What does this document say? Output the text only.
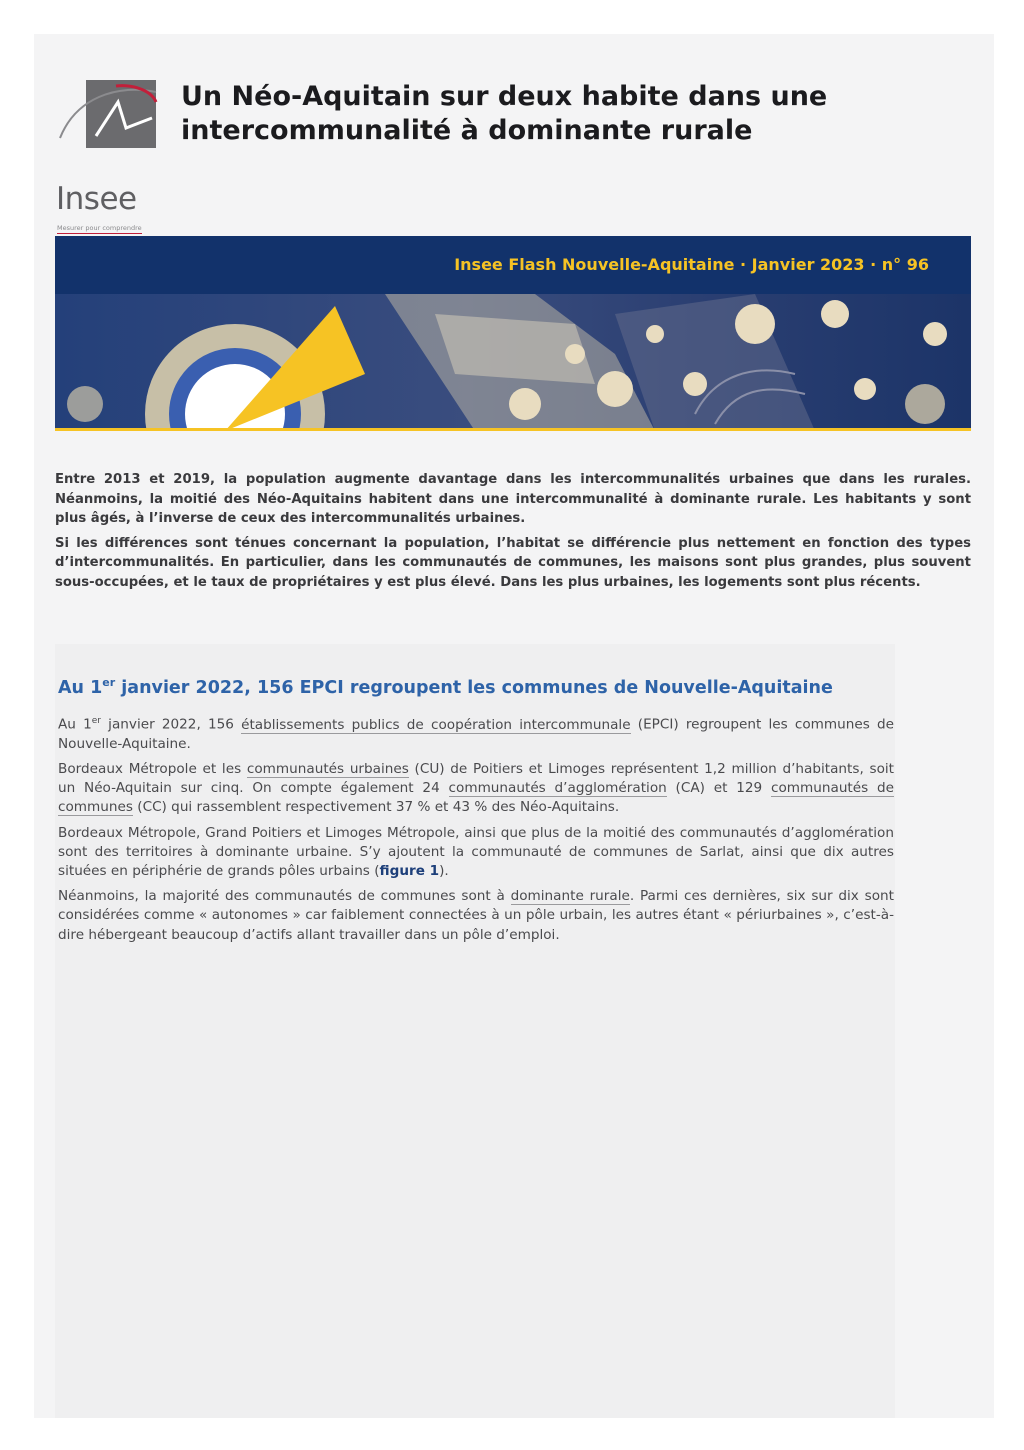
Insee
Mesurer pour comprendre
Un Néo-Aquitain sur deux habite dans une
intercommunalité à dominante rurale
Insee Flash Nouvelle-Aquitaine · Janvier 2023 · n° 96

Entre 2013 et 2019, la population augmente davantage dans les intercommunalités urbaines que dans les rurales. Néanmoins, la moitié des Néo-Aquitains habitent dans une intercommunalité à dominante rurale. Les habitants y sont plus âgés, à l’inverse de ceux des intercommunalités urbaines.

Si les différences sont ténues concernant la population, l’habitat se différencie plus nettement en fonction des types d’intercommunalités. En particulier, dans les communautés de communes, les maisons sont plus grandes, plus souvent sous-occupées, et le taux de propriétaires y est plus élevé. Dans les plus urbaines, les logements sont plus récents.

Au 1er janvier 2022, 156 EPCI regroupent les communes de Nouvelle-Aquitaine

Au 1er janvier 2022, 156 établissements publics de coopération intercommunale (EPCI) regroupent les communes de Nouvelle-Aquitaine.

Bordeaux Métropole et les communautés urbaines (CU) de Poitiers et Limoges représentent 1,2 million d’habitants, soit un Néo-Aquitain sur cinq. On compte également 24 communautés d’agglomération (CA) et 129 communautés de communes (CC) qui rassemblent respectivement 37 % et 43 % des Néo-Aquitains.

Bordeaux Métropole, Grand Poitiers et Limoges Métropole, ainsi que plus de la moitié des communautés d’agglomération sont des territoires à dominante urbaine. S’y ajoutent la communauté de communes de Sarlat, ainsi que dix autres situées en périphérie de grands pôles urbains (figure 1).

Néanmoins, la majorité des communautés de communes sont à dominante rurale. Parmi ces dernières, six sur dix sont considérées comme « autonomes » car faiblement connectées à un pôle urbain, les autres étant « périurbaines », c’est-à-dire hébergeant beaucoup d’actifs allant travailler dans un pôle d’emploi.
